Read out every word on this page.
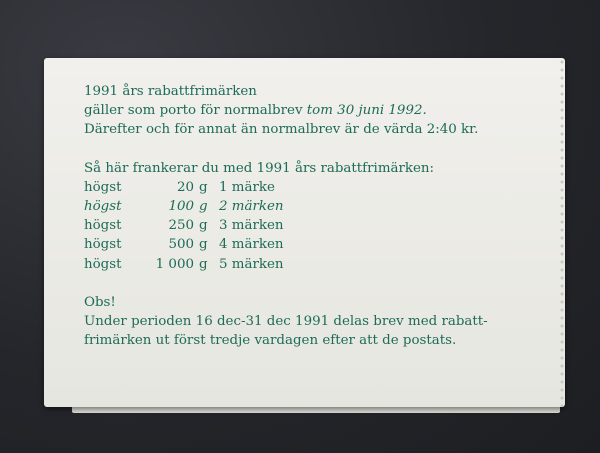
1991 års rabattfrimärken
gäller som porto för normalbrev tom 30 juni 1992.
Därefter och för annat än normalbrev är de värda 2:40 kr.
Så här frankerar du med 1991 års rabattfrimärken:
högst	20 g 1 märke
högst	100 g 2 märken
högst	250 g 3 märken
högst	500 g 4 märken
högst	1 000 g 5 märken
Obs!
Under perioden 16 dec-31 dec 1991 delas brev med rabatt-
frimärken ut först tredje vardagen efter att de postats.
